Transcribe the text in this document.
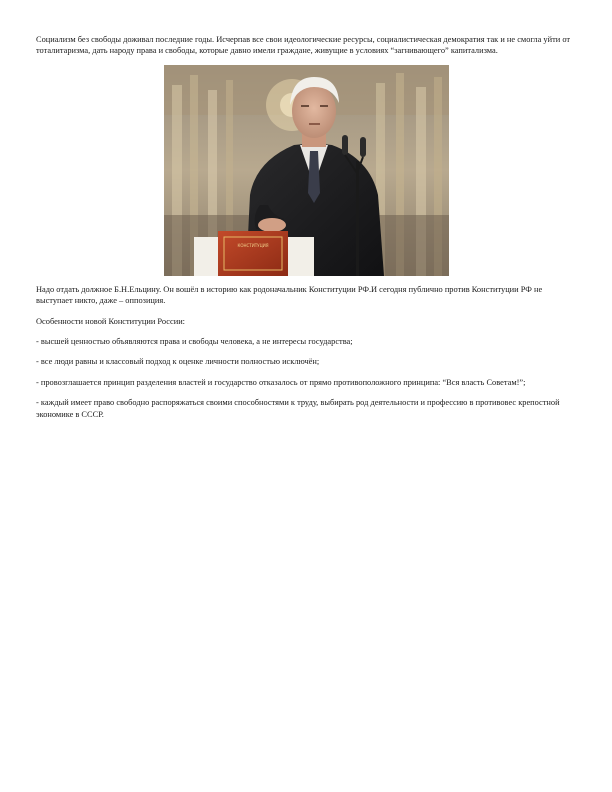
Социализм без свободы доживал последние годы. Исчерпав все свои идеологические ресурсы, социалистическая демократия так и не смогла уйти от тоталитаризма, дать народу права и свободы, которые давно имели граждане, живущие в условиях “загнивающего” капитализма.

КОНСТИТУЦИЯ

Надо отдать должное Б.Н.Ельцину. Он вошёл в историю как родоначальник Конституции РФ.И сегодня публично против Конституции РФ не выступает никто, даже – оппозиция.

Особенности новой Конституции России:

- высшей ценностью объявляются права и свободы человека, а не интересы государства;

- все люди равны и классовый подход к оценке личности полностью исключён;

- провозглашается принцип разделения властей и государство отказалось от прямо противоположного принципа: “Вся власть Советам!”;

- каждый имеет право свободно распоряжаться своими способностями к труду, выбирать род деятельности и профессию в противовес крепостной экономике в СССР.
